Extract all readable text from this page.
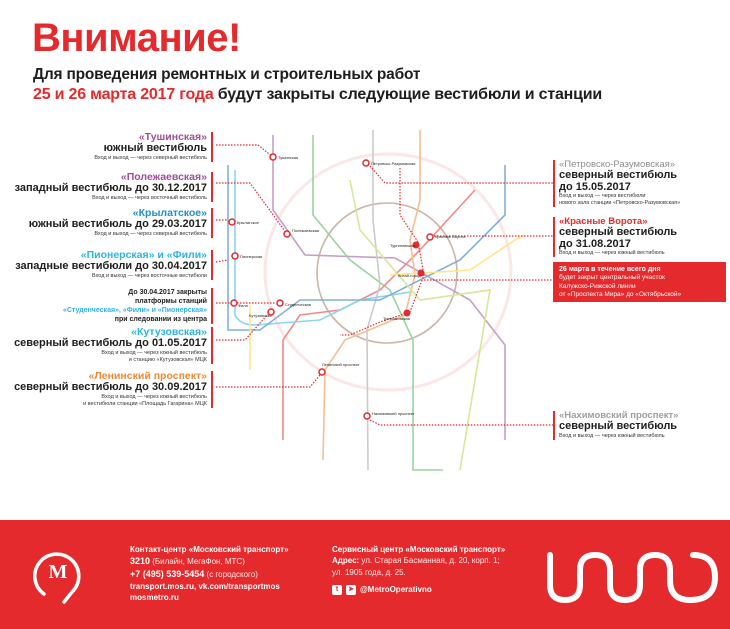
Внимание!
Для проведения ремонтных и строительных работ
25 и 26 марта 2017 года будут закрыты следующие вестибюли и станции
Тушинская
Петровско-Разумовская
Полежаевская
Крылатское
Пионерская
Фили	Студенческая
Кутузовская
Красные Ворота
Тургеневская
Китай-город
Третьяковская
Ленинский проспект
Нахимовский проспект
«Тушинская»
южный вестибюль
Вход и выход — через северный вестибюль
«Полежаевская»
западный вестибюль до 30.12.2017
Вход и выход — через восточный вестибюль
«Крылатское»
южный вестибюль до 29.03.2017
Вход и выход — через северный вестибюль
«Пионерская» и «Фили»
западные вестибюли до 30.04.2017
Вход и выход — через восточные вестибюли
До 30.04.2017 закрыты
платформы станций
«Студенческая», «Фили» и «Пионерская»
при следовании из центра
«Кутузовская»
северный вестибюль до 01.05.2017
Вход и выход — через южный вестибюль
и станцию «Кутузовская» МЦК
«Ленинский проспект»
северный вестибюль до 30.09.2017
Вход и выход — через южный вестибюль
и вестибюли станции «Площадь Гагарина» МЦК
«Петровско-Разумовская»
северный вестибюль
до 15.05.2017
Вход и выход — через вестибюли
нового зала станции «Петровско-Разумовская»
«Красные Ворота»
северный вестибюль
до 31.08.2017
Вход и выход — через южный вестибюль
26 марта в течение всего дня
будет закрыт центральный участок
Калужско-Рижской линии
от «Проспекта Мира» до «Октябрьской»
«Нахимовский проспект»
северный вестибюль
Вход и выход — через южный вестибюль
М
Контакт-центр «Московский транспорт»
3210 (Билайн, МегаФон, МТС)
+7 (495) 539-5454 (с городского)
transport.mos.ru, vk.com/transportmos
mosmetro.ru
Сервисный центр «Московский транспорт»
Адрес: ул. Старая Басманная, д. 20, корп. 1;
ул. 1905 года, д. 25.
t	➤ @MetroOperativno
